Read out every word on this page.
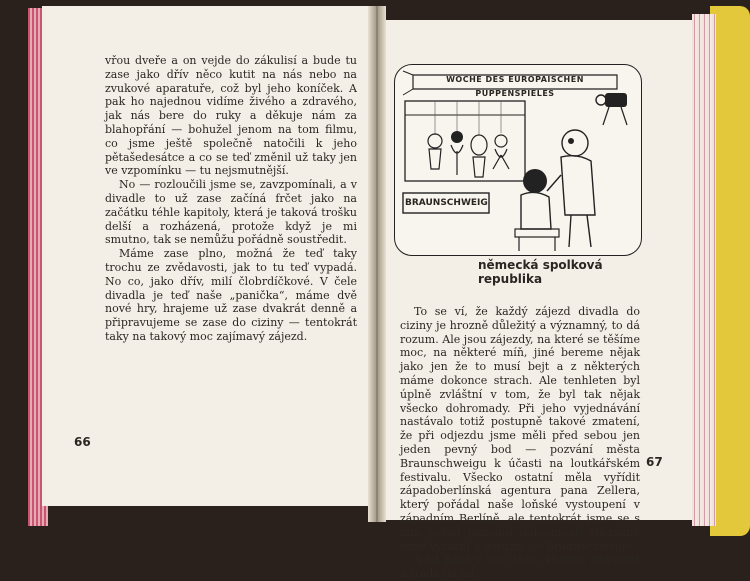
vřou dveře a on vejde do zákulisí a bude tu zase jako dřív něco kutit na nás nebo na zvukové aparatuře, což byl jeho koníček. A pak ho najednou vidíme živého a zdravého, jak nás bere do ruky a děkuje nám za blahopřání — bohužel jenom na tom filmu, co jsme ještě společně natočili k jeho pětašedesátce a co se teď změnil už taky jen ve vzpomínku — tu nejsmutnější.

No — rozloučili jsme se, zavzpomínali, a v divadle to už zase začíná frčet jako na začátku téhle kapitoly, která je taková trošku delší a rozházená, protože když je mi smutno, tak se nemůžu pořádně soustředit.

Máme zase plno, možná že teď taky trochu ze zvědavosti, jak to tu teď vypadá. No co, jako dřív, milí člobrdíčkové. V čele divadla je teď naše „panička“, máme dvě nové hry, hrajeme už zase dvakrát denně a připravujeme se zase do ciziny — tentokrát taky na takový moc zajímavý zájezd.

66
WOCHE DES EUROPÄISCHEN PUPPENSPIELES
BRAUNSCHWEIG
německá spolková republika

To se ví, že každý zájezd divadla do ciziny je hrozně důležitý a významný, to dá rozum. Ale jsou zájezdy, na které se těšíme moc, na některé míň, jiné bereme nějak jako jen že to musí bejt a z některých máme dokonce strach. Ale tenhleten byl úplně zvláštní v tom, že byl tak nějak všecko dohromady. Při jeho vyjednávání nastávalo totiž postupně takové zmatení, že při odjezdu jsme měli před sebou jen jeden pevný bod — pozvání města Braunschweigu k účasti na loutkářském festivalu. Všecko ostatní měla vyřídit západoberlínská agentura pana Zellera, který pořádal naše loňské vystoupení v západním Berlíně, ale tentokrát jsme se s ním pořád nemohli dohodnout. Nicméně jsme vyrazili a dorazili do Braunschweigu.

A už jsme v tom lítali. Honem ubytovat a tradá na od-

67
